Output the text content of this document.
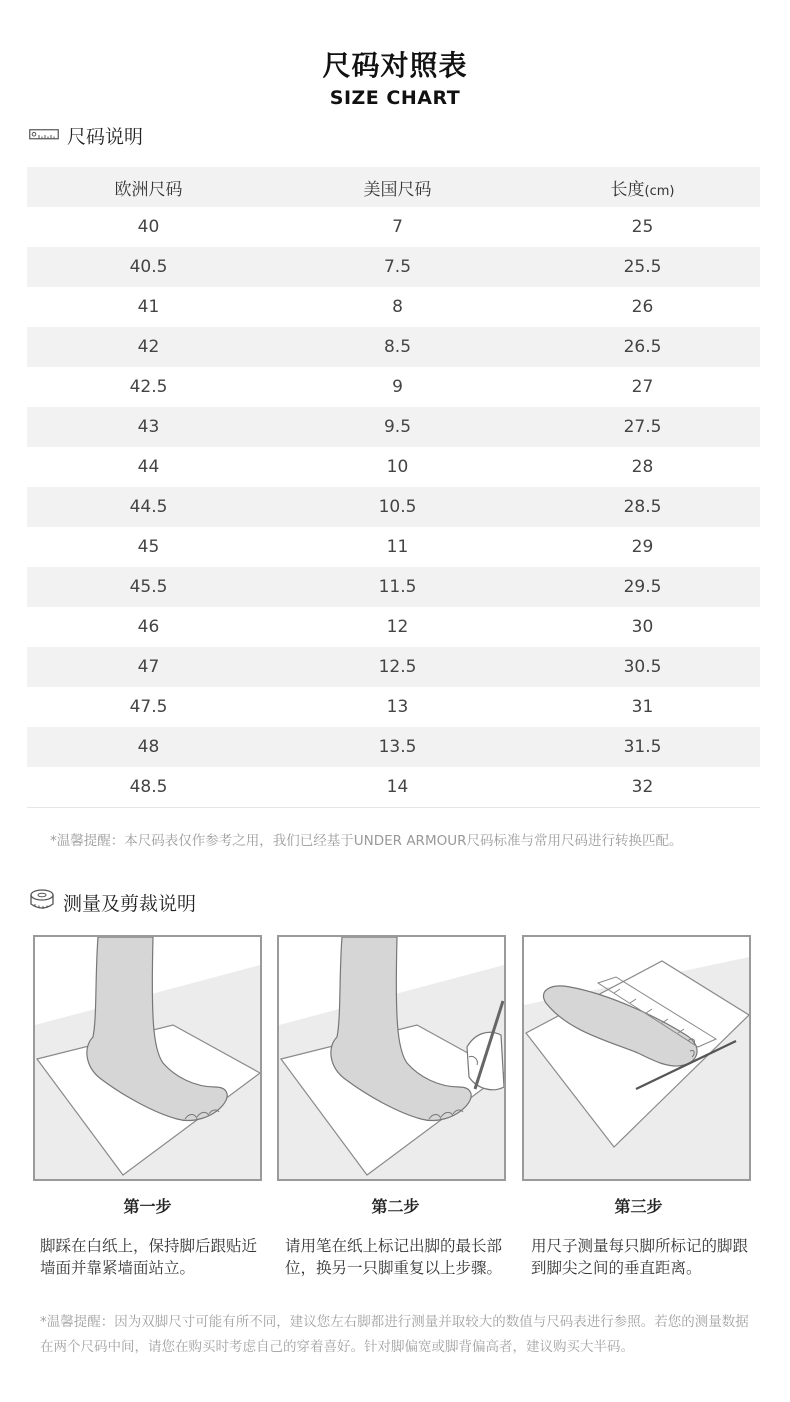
尺码对照表
SIZE CHART
尺码说明
欧洲尺码	美国尺码	长度(cm)
40	7	25
40.5	7.5	25.5
41	8	26
42	8.5	26.5
42.5	9	27
43	9.5	27.5
44	10	28
44.5	10.5	28.5
45	11	29
45.5	11.5	29.5
46	12	30
47	12.5	30.5
47.5	13	31
48	13.5	31.5
48.5	14	32
*温馨提醒：本尺码表仅作参考之用，我们已经基于UNDER ARMOUR尺码标准与常用尺码进行转换匹配。
测量及剪裁说明
第一步	第二步	第三步
脚踩在白纸上，保持脚后跟贴近墙面并靠紧墙面站立。
请用笔在纸上标记出脚的最长部位，换另一只脚重复以上步骤。
用尺子测量每只脚所标记的脚跟到脚尖之间的垂直距离。
*温馨提醒：因为双脚尺寸可能有所不同，建议您左右脚都进行测量并取较大的数值与尺码表进行参照。若您的测量数据在两个尺码中间，请您在购买时考虑自己的穿着喜好。针对脚偏宽或脚背偏高者，建议购买大半码。
